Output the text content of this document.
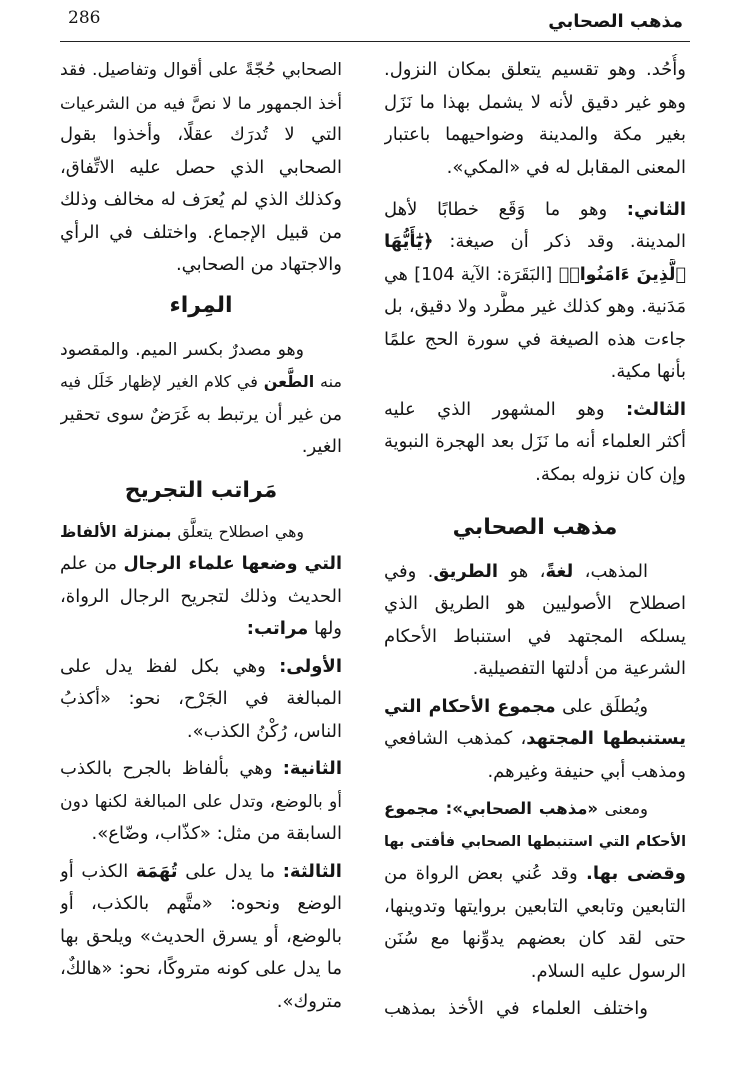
286	مذهب الصحابي
وأُحُد. وهو تقسيم يتعلق بمكان النزول.
وهو غير دقيق لأنه لا يشمل بهذا ما نَزَل
بغير مكة والمدينة وضواحيهما باعتبار
المعنى المقابل له في «المكي».
الثاني: وهو ما وَقَع خطابًا لأهل
المدينة. وقد ذكر أن صيغة: ﴿يَٰٓأَيُّهَا
ٱلَّذِينَ ءَامَنُوا۟﴾ [البَقَرَة: الآية 104] هي
مَدَنية. وهو كذلك غير مطَّرد ولا دقيق، بل
جاءت هذه الصيغة في سورة الحج علمًا
بأنها مكية.
الثالث: وهو المشهور الذي عليه
أكثر العلماء أنه ما نَزَل بعد الهجرة النبوية
وإن كان نزوله بمكة.
مذهب الصحابي
المذهب، لغةً، هو الطريق. وفي
اصطلاح الأصوليين هو الطريق الذي
يسلكه المجتهد في استنباط الأحكام
الشرعية من أدلتها التفصيلية.
ويُطلَق على مجموع الأحكام التي
يستنبطها المجتهد، كمذهب الشافعي
ومذهب أبي حنيفة وغيرهم.
ومعنى «مذهب الصحابي»: مجموع
الأحكام التي استنبطها الصحابي فأفتى بها
وقضى بها. وقد عُني بعض الرواة من
التابعين وتابعي التابعين بروايتها وتدوينها،
حتى لقد كان بعضهم يدوِّنها مع سُنَن
الرسول عليه السلام.
واختلف العلماء في الأخذ بمذهب
الصحابي حُجّةً على أقوال وتفاصيل. فقد
أخذ الجمهور ما لا نصَّ فيه من الشرعيات
التي لا تُدرَك عقلًا، وأخذوا بقول
الصحابي الذي حصل عليه الاتِّفاق،
وكذلك الذي لم يُعرَف له مخالف وذلك
من قبيل الإجماع. واختلف في الرأي
والاجتهاد من الصحابي.
المِراء
وهو مصدرٌ بكسر الميم. والمقصود
منه الطَّعن في كلام الغير لإظهار خَلَل فيه
من غير أن يرتبط به غَرَضٌ سوى تحقير
الغير.
مَراتب التجريح
وهي اصطلاح يتعلَّق بمنزلة الألفاظ
التي وضعها علماء الرجال من علم
الحديث وذلك لتجريح الرجال الرواة،
ولها مراتب:
الأولى: وهي بكل لفظ يدل على
المبالغة في الجَرْح، نحو: «أكذبُ
الناس، رُكْنُ الكذب».
الثانية: وهي بألفاظ بالجرح بالكذب
أو بالوضع، وتدل على المبالغة لكنها دون
السابقة من مثل: «كذّاب، وضّاع».
الثالثة: ما يدل على تُهَمَة الكذب أو
الوضع ونحوه: «متَّهم بالكذب، أو
بالوضع، أو يسرق الحديث» ويلحق بها
ما يدل على كونه متروكًا، نحو: «هالكٌ،
متروك».
